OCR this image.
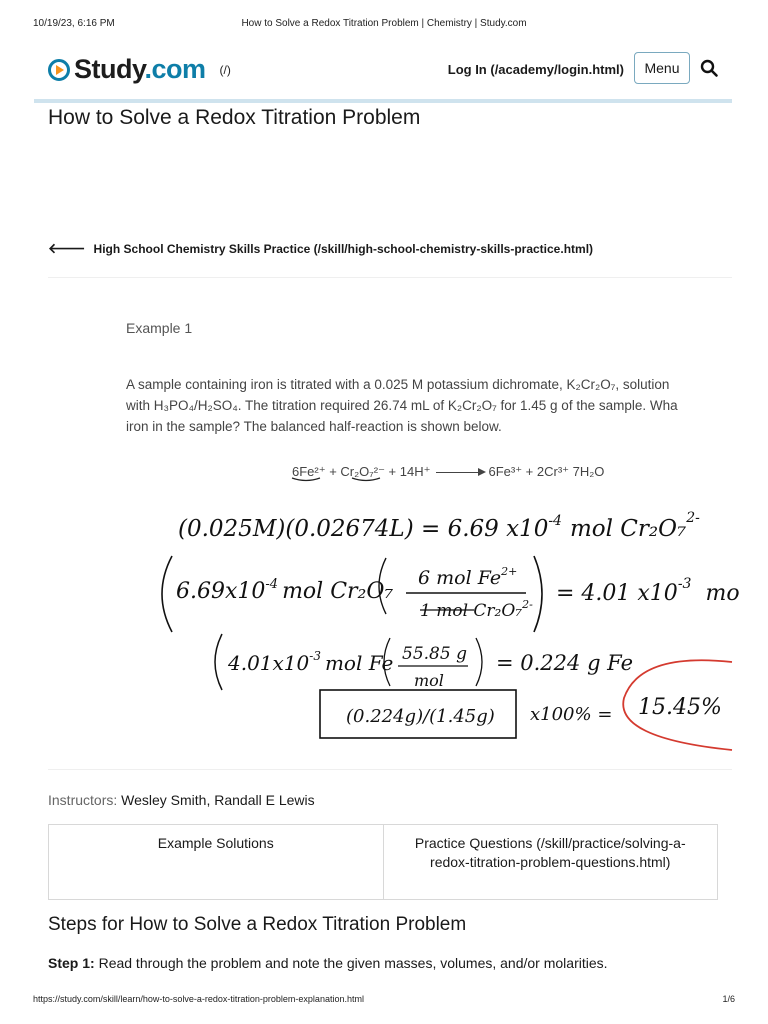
10/19/23, 6:16 PM	How to Solve a Redox Titration Problem | Chemistry | Study.com
Study.com (/)	Log In (/academy/login.html)	Menu
How to Solve a Redox Titration Problem
🡐 High School Chemistry Skills Practice (/skill/high-school-chemistry-skills-practice.html)
Example 1
A sample containing iron is titrated with a 0.025 M potassium dichromate, K₂Cr₂O₇, solution
with H₃PO₄/H₂SO₄. The titration required 26.74 mL of K₂Cr₂O₇ for 1.45 g of the sample. Wha
iron in the sample? The balanced half-reaction is shown below.
6Fe²⁺ + Cr₂O₇²⁻ + 14H⁺ → 6Fe³⁺ + 2Cr³⁺ 7H₂O
(0.025M)(0.02674L) = 6.69 $x10^{-4}$ mol Cr₂O₇$^{2-}$
$6.69x10^{-4}$ mol Cr₂O₇
6 mol $Fe^{2+}$
1 mol Cr₂O₇$^{2-}$ = 4.01 $x10^{-3}$ mo
$4.01x10^{-3}$ mol Fe 55.85 g
mol
= 0.224 g Fe
(0.224g)/(1.45g) x100% = 15.45%
Instructors: Wesley Smith, Randall E Lewis
Example Solutions	Practice Questions (/skill/practice/solving-a-redox-titration-problem-questions.html)
Steps for How to Solve a Redox Titration Problem

Step 1: Read through the problem and note the given masses, volumes, and/or molarities.

https://study.com/skill/learn/how-to-solve-a-redox-titration-problem-explanation.html	1/6
